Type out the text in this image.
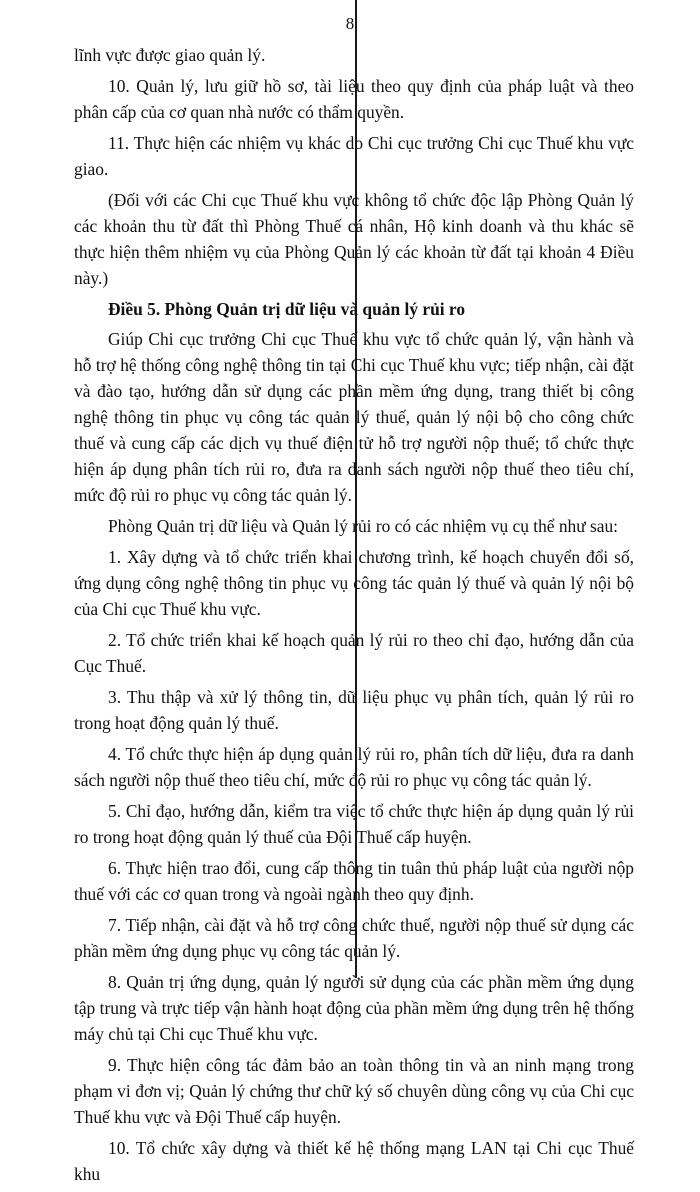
8

lĩnh vực được giao quản lý.

10. Quản lý, lưu giữ hồ sơ, tài liệu theo quy định của pháp luật và theo phân cấp của cơ quan nhà nước có thẩm quyền.

11. Thực hiện các nhiệm vụ khác do Chi cục trưởng Chi cục Thuế khu vực giao.

(Đối với các Chi cục Thuế khu vực không tổ chức độc lập Phòng Quản lý các khoản thu từ đất thì Phòng Thuế cá nhân, Hộ kinh doanh và thu khác sẽ thực hiện thêm nhiệm vụ của Phòng Quản lý các khoản từ đất tại khoản 4 Điều này.)

Điều 5. Phòng Quản trị dữ liệu và quản lý rủi ro

Giúp Chi cục trưởng Chi cục Thuế khu vực tổ chức quản lý, vận hành và hỗ trợ hệ thống công nghệ thông tin tại Chi cục Thuế khu vực; tiếp nhận, cài đặt và đào tạo, hướng dẫn sử dụng các phần mềm ứng dụng, trang thiết bị công nghệ thông tin phục vụ công tác quản lý thuế, quản lý nội bộ cho công chức thuế và cung cấp các dịch vụ thuế điện tử hỗ trợ người nộp thuế; tổ chức thực hiện áp dụng phân tích rủi ro, đưa ra danh sách người nộp thuế theo tiêu chí, mức độ rủi ro phục vụ công tác quản lý.

Phòng Quản trị dữ liệu và Quản lý rủi ro có các nhiệm vụ cụ thể như sau:

1. Xây dựng và tổ chức triển khai chương trình, kế hoạch chuyển đổi số, ứng dụng công nghệ thông tin phục vụ công tác quản lý thuế và quản lý nội bộ của Chi cục Thuế khu vực.

2. Tổ chức triển khai kế hoạch quản lý rủi ro theo chỉ đạo, hướng dẫn của Cục Thuế.

3. Thu thập và xử lý thông tin, dữ liệu phục vụ phân tích, quản lý rủi ro trong hoạt động quản lý thuế.

4. Tổ chức thực hiện áp dụng quản lý rủi ro, phân tích dữ liệu, đưa ra danh sách người nộp thuế theo tiêu chí, mức độ rủi ro phục vụ công tác quản lý.

5. Chỉ đạo, hướng dẫn, kiểm tra việc tổ chức thực hiện áp dụng quản lý rủi ro trong hoạt động quản lý thuế của Đội Thuế cấp huyện.

6. Thực hiện trao đổi, cung cấp thông tin tuân thủ pháp luật của người nộp thuế với các cơ quan trong và ngoài ngành theo quy định.

7. Tiếp nhận, cài đặt và hỗ trợ công chức thuế, người nộp thuế sử dụng các phần mềm ứng dụng phục vụ công tác quản lý.

8. Quản trị ứng dụng, quản lý người sử dụng của các phần mềm ứng dụng tập trung và trực tiếp vận hành hoạt động của phần mềm ứng dụng trên hệ thống máy chủ tại Chi cục Thuế khu vực.

9. Thực hiện công tác đảm bảo an toàn thông tin và an ninh mạng trong phạm vi đơn vị; Quản lý chứng thư chữ ký số chuyên dùng công vụ của Chi cục Thuế khu vực và Đội Thuế cấp huyện.

10. Tổ chức xây dựng và thiết kế hệ thống mạng LAN tại Chi cục Thuế khu
